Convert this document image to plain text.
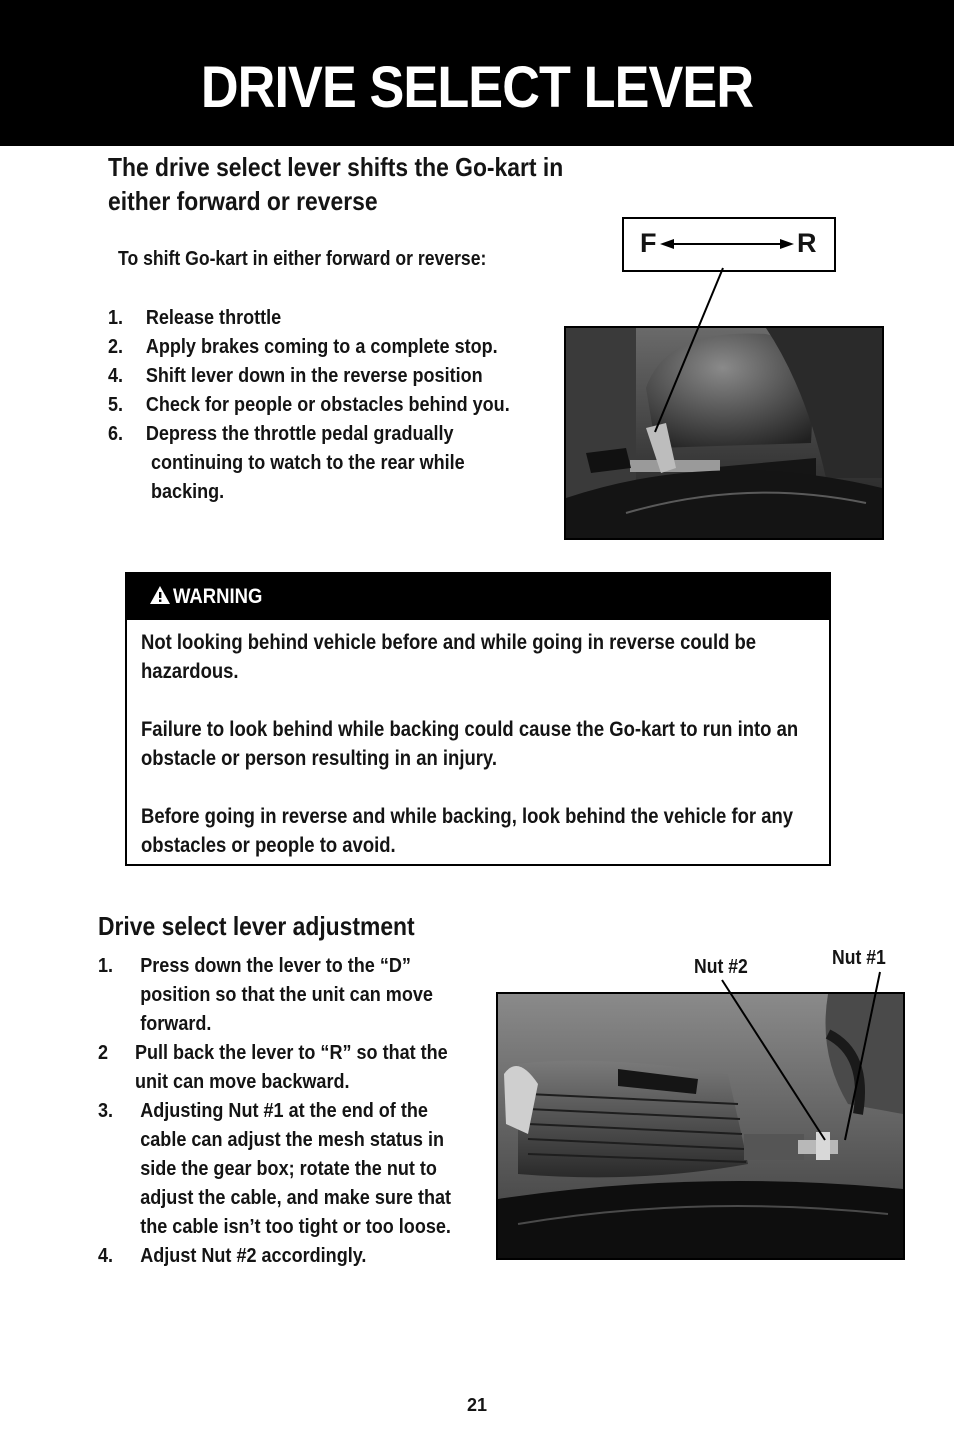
DRIVE SELECT LEVER
The drive select lever shifts the Go-kart in either forward or reverse
To shift Go-kart in either forward or reverse:
1. Release throttle
2. Apply brakes coming to a complete stop.
4. Shift lever down in the reverse position
5. Check for people or obstacles behind you.
6. Depress the throttle pedal gradually
continuing to watch to the rear while
backing.
F	R
WARNING
Not looking behind vehicle before and while going in reverse could be hazardous.
Failure to look behind while backing could cause the Go-kart to run into an obstacle or person resulting in an injury.
Before going in reverse and while backing, look behind the vehicle for any obstacles or people to avoid.
Drive select lever adjustment
1. Press down the lever to the “D”
position so that the unit can move
forward.
2 Pull back the lever to “R” so that the
unit can move backward.
3. Adjusting Nut #1 at the end of the
cable can adjust the mesh status in
side the gear box; rotate the nut to
adjust the cable, and make sure that
the cable isn’t too tight or too loose.
4. Adjust Nut #2 accordingly.
Nut #2	Nut #1
21
